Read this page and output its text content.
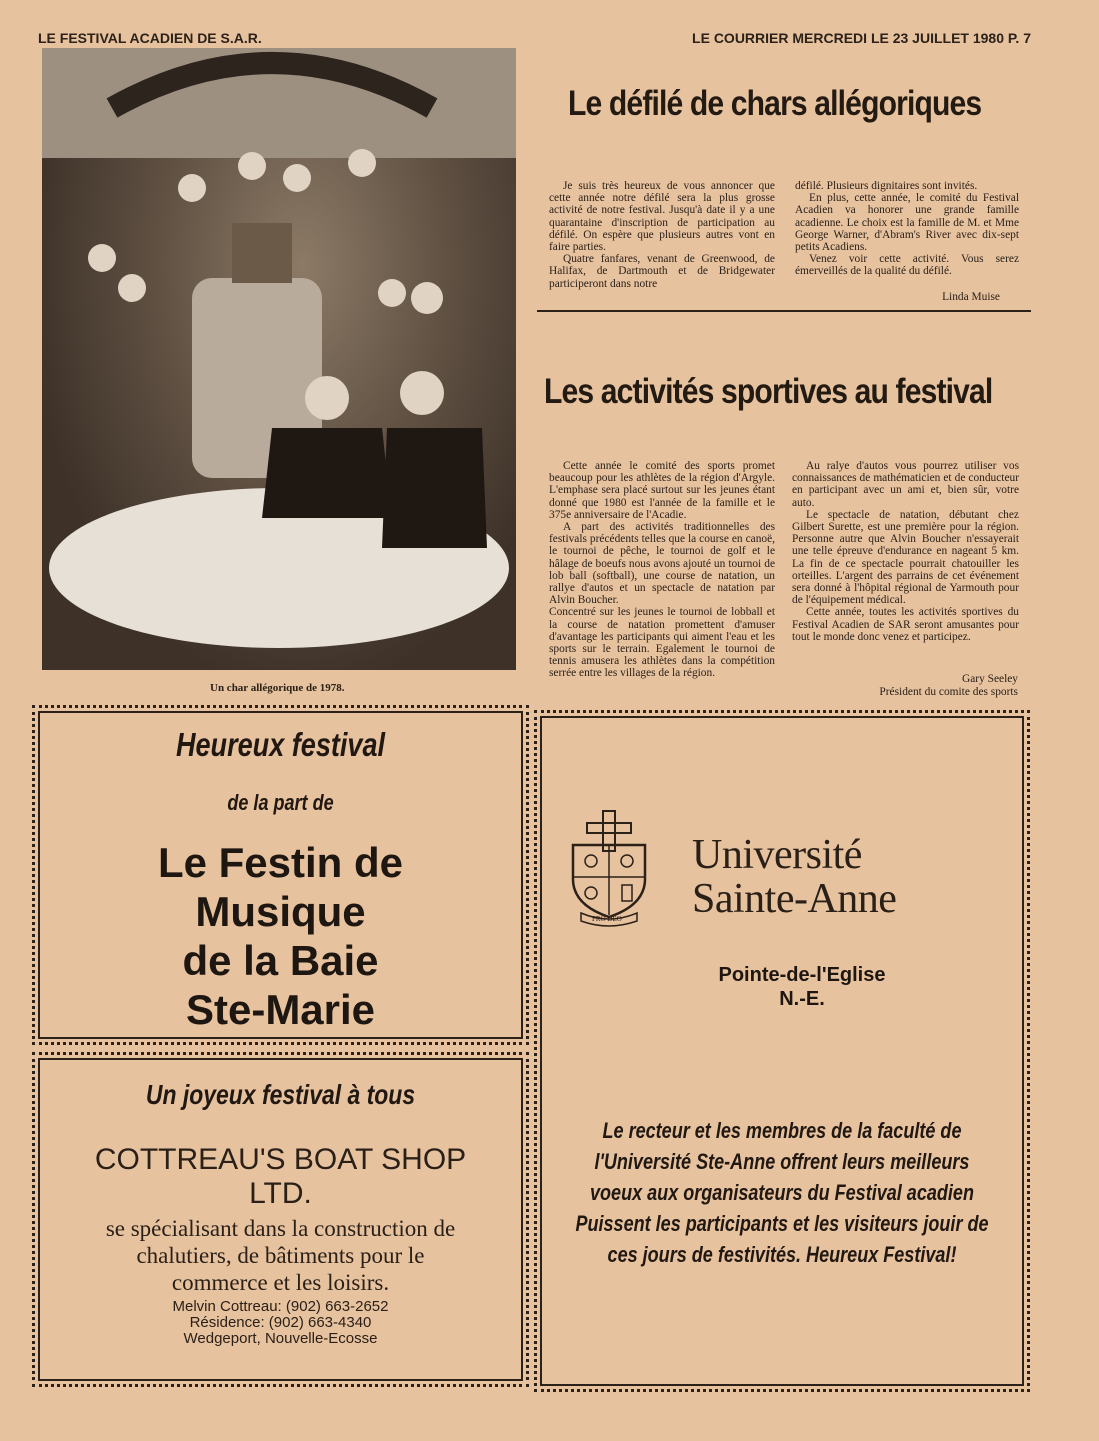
LE FESTIVAL ACADIEN DE S.A.R.	LE COURRIER MERCREDI LE 23 JUILLET 1980 P. 7
Un char allégorique de 1978.
Le défilé de chars allégoriques

Je suis très heureux de vous annoncer que cette année notre défilé sera la plus grosse activité de notre festival. Jusqu'à date il y a une quarantaine d'inscription de participation au défilé. On espère que plusieurs autres vont en faire parties.

Quatre fanfares, venant de Greenwood, de Halifax, de Dartmouth et de Bridgewater participeront dans notre

défilé. Plusieurs dignitaires sont invités.

En plus, cette année, le comité du Festival Acadien va honorer une grande famille acadienne. Le choix est la famille de M. et Mme George Warner, d'Abram's River avec dix-sept petits Acadiens.

Venez voir cette activité. Vous serez émerveillés de la qualité du défilé.

Linda Muise
Les activités sportives au festival

Cette année le comité des sports promet beaucoup pour les athlètes de la région d'Argyle. L'emphase sera placé surtout sur les jeunes étant donné que 1980 est l'année de la famille et le 375e anniversaire de l'Acadie.

A part des activités traditionnelles des festivals précédents telles que la course en canoë, le tournoi de pêche, le tournoi de golf et le hâlage de boeufs nous avons ajouté un tournoi de lob ball (softball), une course de natation, un rallye d'autos et un spectacle de natation par Alvin Boucher.

Concentré sur les jeunes le tournoi de lobball et la course de natation promettent d'amuser d'avantage les participants qui aiment l'eau et les sports sur le terrain. Egalement le tournoi de tennis amusera les athlètes dans la compétition serrée entre les villages de la région.

Au ralye d'autos vous pourrez utiliser vos connaissances de mathématicien et de conducteur en participant avec un ami et, bien sûr, votre auto.

Le spectacle de natation, débutant chez Gilbert Surette, est une première pour la région. Personne autre que Alvin Boucher n'essayerait une telle épreuve d'endurance en nageant 5 km. La fin de ce spectacle pourrait chatouiller les orteilles. L'argent des parrains de cet événement sera donné à l'hôpital régional de Yarmouth pour de l'équipement médical.

Cette année, toutes les activités sportives du Festival Acadien de SAR seront amusantes pour tout le monde donc venez et participez.

Gary Seeley
Président du comite des sports
Heureux festival
de la part de
Le Festin de
Musique
de la Baie
Ste-Marie
Un joyeux festival à tous
COTTREAU'S BOAT SHOP
LTD.
se spécialisant dans la construction de
chalutiers, de bâtiments pour le
commerce et les loisirs.
Melvin Cottreau: (902) 663-2652
Résidence: (902) 663-4340
Wedgeport, Nouvelle-Ecosse
PRO DEO
Université
Sainte-Anne
Pointe-de-l'Eglise
N.-E.
Le recteur et les membres de la faculté de
l'Université Ste-Anne offrent leurs meilleurs
voeux aux organisateurs du Festival acadien
Puissent les participants et les visiteurs jouir de
ces jours de festivités. Heureux Festival!
